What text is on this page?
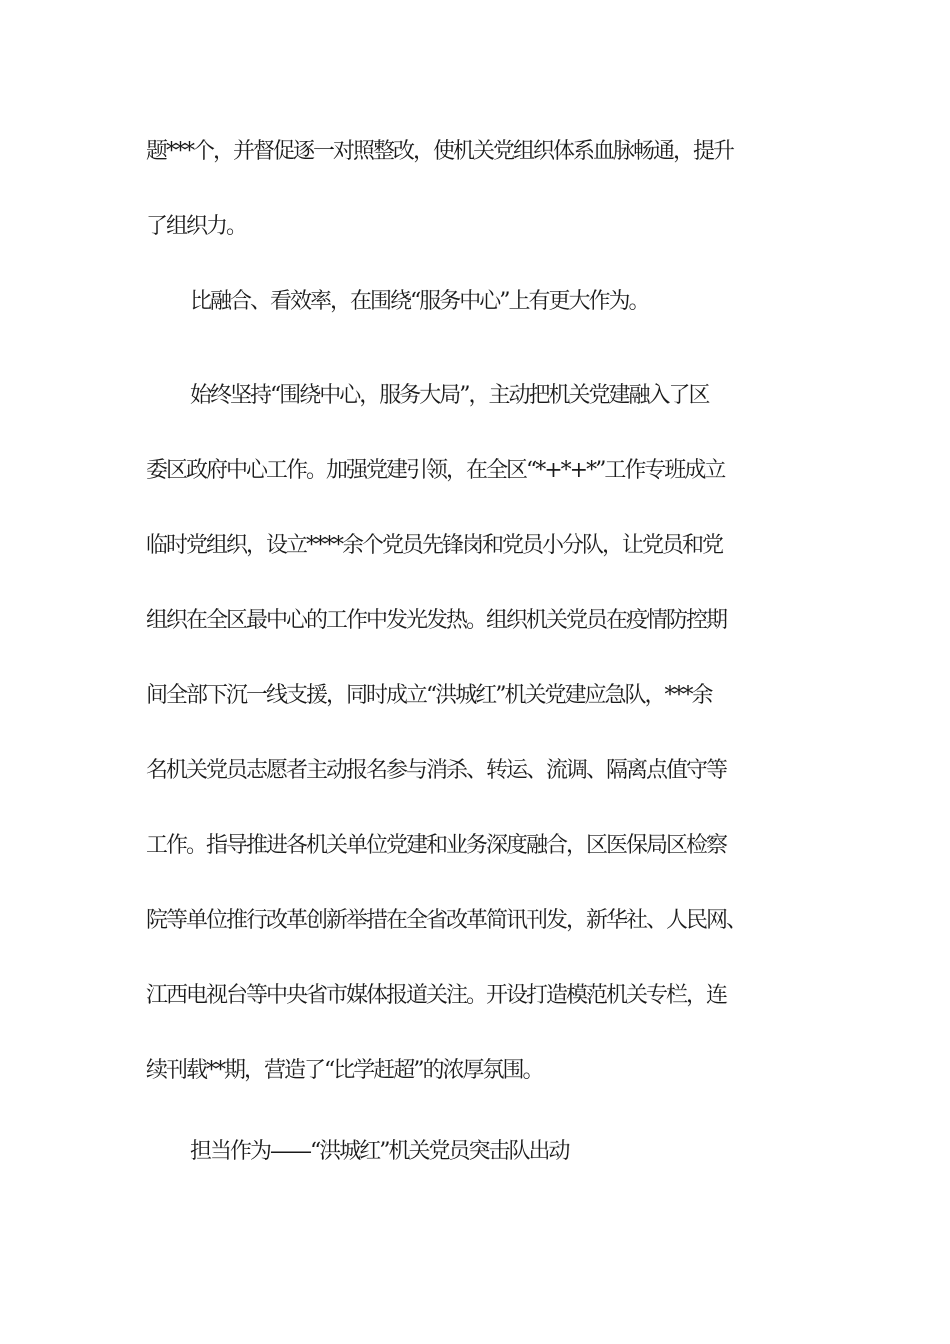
题***个，并督促逐一对照整改，使机关党组织体系血脉畅通，提升
了组织力。
比融合、看效率，在围绕“服务中心”上有更大作为。
始终坚持“围绕中心，服务大局”，主动把机关党建融入了区
委区政府中心工作。加强党建引领，在全区“*+*+*”工作专班成立
临时党组织，设立****余个党员先锋岗和党员小分队，让党员和党
组织在全区最中心的工作中发光发热。组织机关党员在疫情防控期
间全部下沉一线支援，同时成立“洪城红”机关党建应急队，***余
名机关党员志愿者主动报名参与消杀、转运、流调、隔离点值守等
工作。指导推进各机关单位党建和业务深度融合，区医保局区检察
院等单位推行改革创新举措在全省改革简讯刊发，新华社、人民网、
江西电视台等中央省市媒体报道关注。开设打造模范机关专栏，连
续刊载**期，营造了“比学赶超”的浓厚氛围。
担当作为——“洪城红”机关党员突击队出动
